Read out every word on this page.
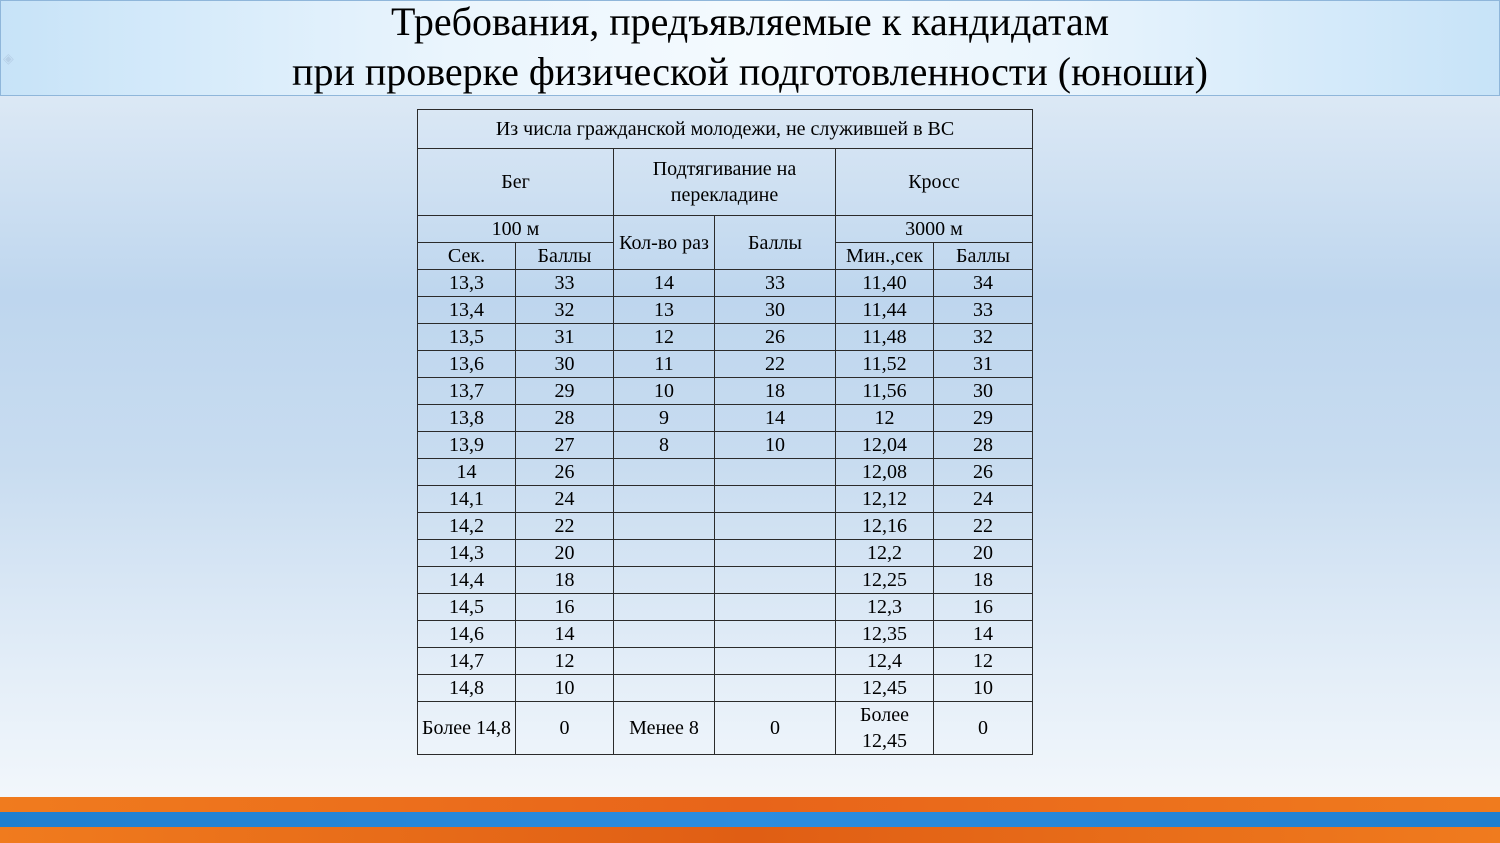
Требования, предъявляемые к кандидатам
при проверке физической подготовленности (юноши)
◈
Из числа гражданской молодежи, не служившей в ВС					
Бег		Подтягивание на перекладине		Кросс	
100 м		Кол-во раз	Баллы	3000 м	
Сек.	Баллы			Мин.,сек	Баллы
13,3	33	14	33	11,40	34
13,4	32	13	30	11,44	33
13,5	31	12	26	11,48	32
13,6	30	11	22	11,52	31
13,7	29	10	18	11,56	30
13,8	28	9	14	12	29
13,9	27	8	10	12,04	28
14	26			12,08	26
14,1	24			12,12	24
14,2	22			12,16	22
14,3	20			12,2	20
14,4	18			12,25	18
14,5	16			12,3	16
14,6	14			12,35	14
14,7	12			12,4	12
14,8	10			12,45	10
Более 14,8	0	Менее 8	0	Более 12,45	0
